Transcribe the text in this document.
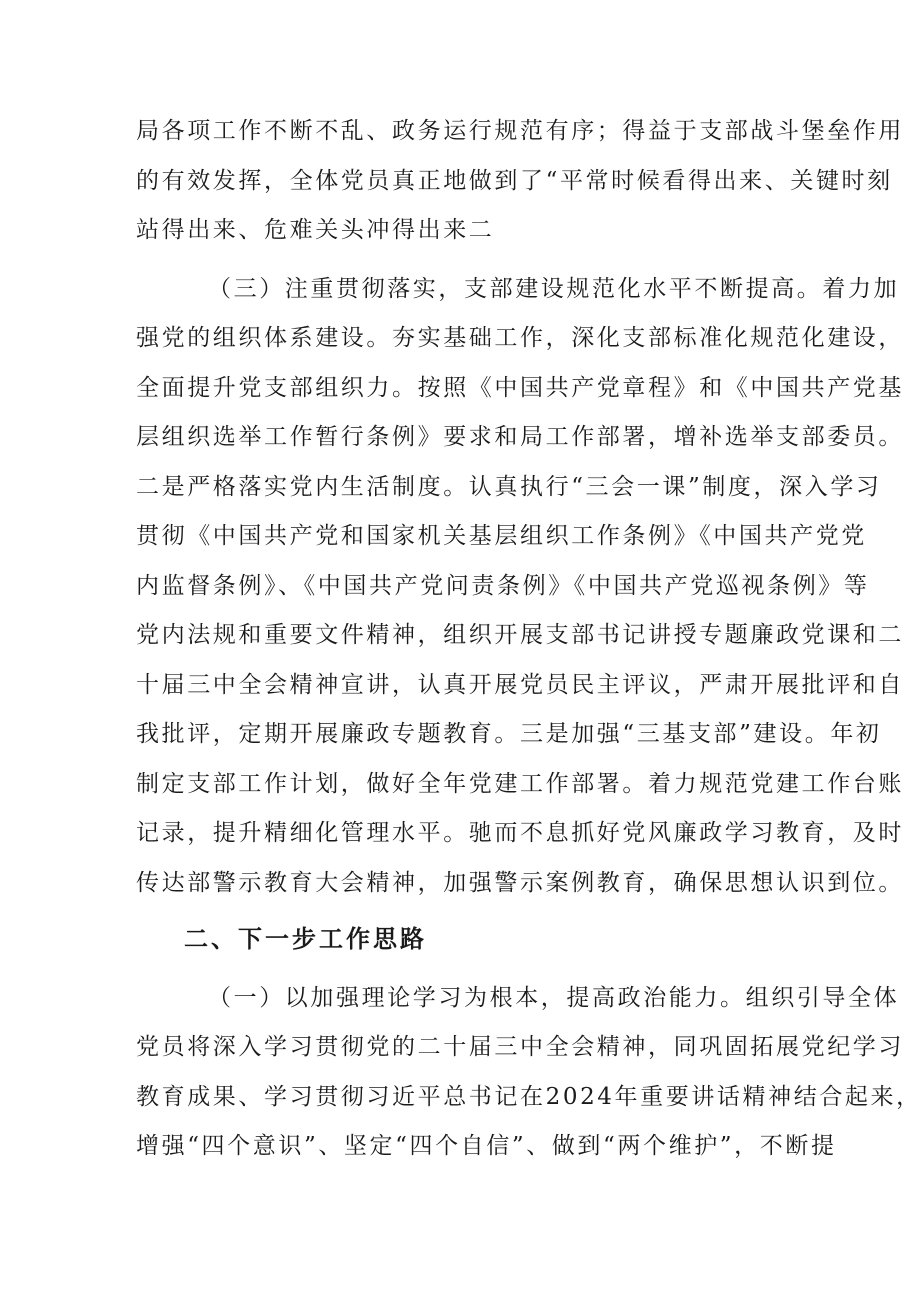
局各项工作不断不乱、政务运行规范有序；得益于支部战斗堡垒作用
的有效发挥，全体党员真正地做到了“平常时候看得出来、关键时刻
站得出来、危难关头冲得出来二
（三）注重贯彻落实，支部建设规范化水平不断提高。着力加
强党的组织体系建设。夯实基础工作，深化支部标准化规范化建设，
全面提升党支部组织力。按照《中国共产党章程》和《中国共产党基
层组织选举工作暂行条例》要求和局工作部署，增补选举支部委员。
二是严格落实党内生活制度。认真执行“三会一课”制度，深入学习
贯彻《中国共产党和国家机关基层组织工作条例》《中国共产党党
内监督条例》、《中国共产党问责条例》《中国共产党巡视条例》等
党内法规和重要文件精神，组织开展支部书记讲授专题廉政党课和二
十届三中全会精神宣讲，认真开展党员民主评议，严肃开展批评和自
我批评，定期开展廉政专题教育。三是加强“三基支部”建设。年初
制定支部工作计划，做好全年党建工作部署。着力规范党建工作台账
记录，提升精细化管理水平。驰而不息抓好党风廉政学习教育，及时
传达部警示教育大会精神，加强警示案例教育，确保思想认识到位。
二、下一步工作思路
（一）以加强理论学习为根本，提高政治能力。组织引导全体
党员将深入学习贯彻党的二十届三中全会精神，同巩固拓展党纪学习
教育成果、学习贯彻习近平总书记在2024年重要讲话精神结合起来，
增强“四个意识”、坚定“四个自信”、做到“两个维护”，不断提
